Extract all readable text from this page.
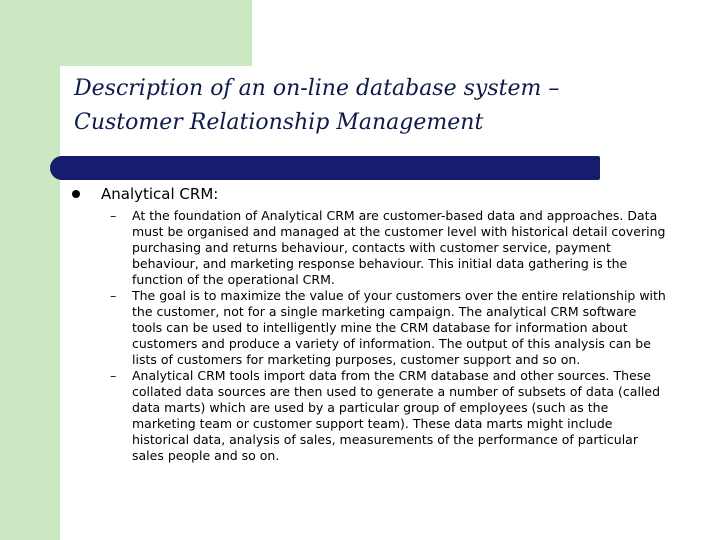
Description of an on-line database system –
Customer Relationship Management
Analytical CRM:
– At the foundation of Analytical CRM are customer-based data and approaches. Data must be organised and managed at the customer level with historical detail covering purchasing and returns behaviour, contacts with customer service, payment behaviour, and marketing response behaviour. This initial data gathering is the function of the operational CRM.
– The goal is to maximize the value of your customers over the entire relationship with the customer, not for a single marketing campaign. The analytical CRM software tools can be used to intelligently mine the CRM database for information about customers and produce a variety of information. The output of this analysis can be lists of customers for marketing purposes, customer support and so on.
– Analytical CRM tools import data from the CRM database and other sources. These collated data sources are then used to generate a number of subsets of data (called data marts) which are used by a particular group of employees (such as the marketing team or customer support team). These data marts might include historical data, analysis of sales, measurements of the performance of particular sales people and so on.
